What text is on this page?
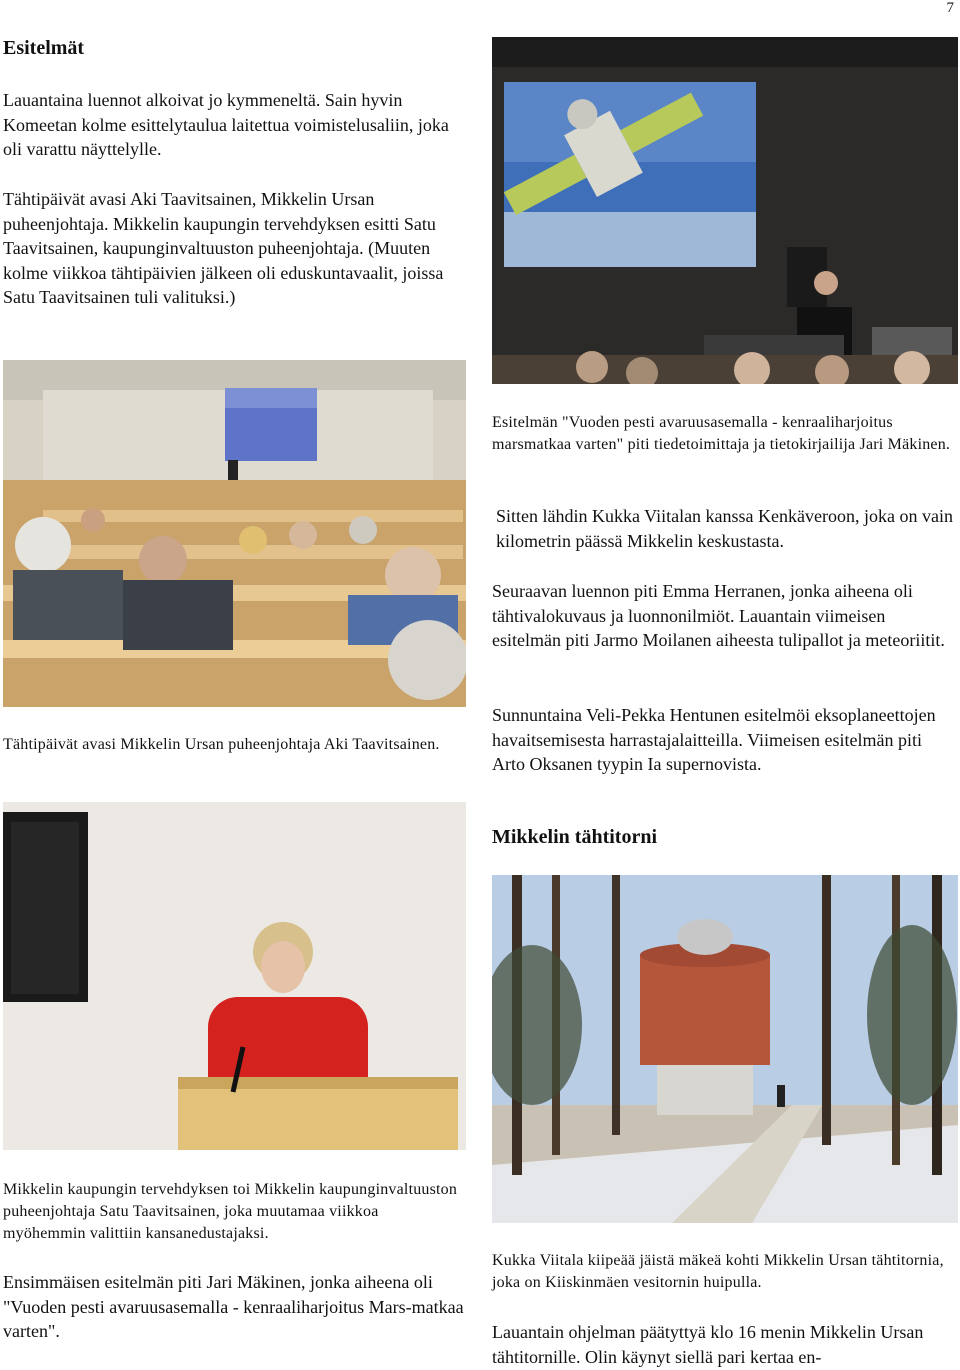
7
Esitelmät

Lauantaina luennot alkoivat jo kymmeneltä. Sain hyvin Komeetan kolme esittelytaulua laitettua voimistelusaliin, joka oli varattu näyttelylle.

Tähtipäivät avasi Aki Taavitsainen, Mikkelin Ursan puheenjohtaja. Mikkelin kaupungin tervehdyksen esitti Satu Taavitsainen, kaupunginvaltuuston puheenjohtaja. (Muuten kolme viikkoa tähtipäivien jälkeen oli eduskuntavaalit, joissa Satu Taavitsainen tuli valituksi.)

Tähtipäivät avasi Mikkelin Ursan puheenjohtaja Aki Taavitsainen.
Esitelmän "Vuoden pesti avaruusasemalla - kenraaliharjoitus marsmatkaa varten" piti tiedetoimittaja ja tietokirjailija Jari Mäkinen.

Sitten lähdin Kukka Viitalan kanssa Kenkäveroon, joka on vain kilometrin päässä Mikkelin keskustasta.

Seuraavan luennon piti Emma Herranen, jonka aiheena oli tähtivalokuvaus ja luonnonilmiöt. Lauantain viimeisen esitelmän piti Jarmo Moilanen aiheesta tulipallot ja meteoriitit.

Sunnuntaina Veli-Pekka Hentunen esitelmöi eksoplaneettojen havaitsemisesta harrastajalaitteilla. Viimeisen esitelmän piti Arto Oksanen tyypin Ia supernovista.

Mikkelin tähtitorni
Mikkelin kaupungin tervehdyksen toi Mikkelin kaupunginvaltuuston puheenjohtaja Satu Taavitsainen, joka muutamaa viikkoa myöhemmin valittiin kansanedustajaksi.
Kukka Viitala kiipeää jäistä mäkeä kohti Mikkelin Ursan tähtitornia, joka on Kiiskinmäen vesitornin huipulla.

Ensimmäisen esitelmän piti Jari Mäkinen, jonka aiheena oli "Vuoden pesti avaruusasemalla - kenraaliharjoitus Mars-matkaa varten".	Lauantain ohjelman päätyttyä klo 16 menin Mikkelin Ursan tähtitornille. Olin käynyt siellä pari kertaa en-
